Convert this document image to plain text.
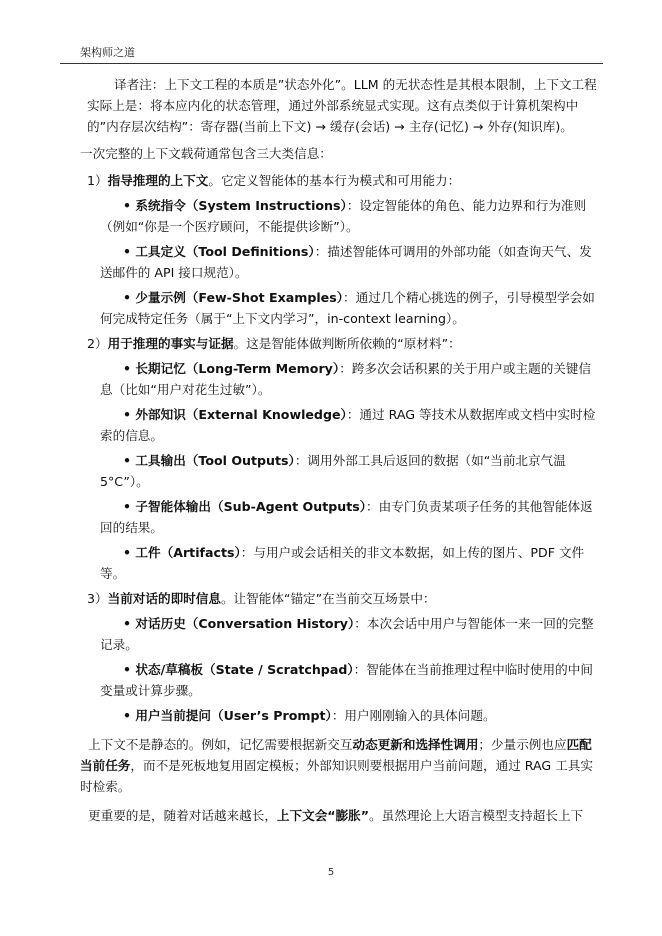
架构师之道

译者注：上下文工程的本质是”状态外化”。LLM 的无状态性是其根本限制，上下文工程实际上是：将本应内化的状态管理，通过外部系统显式实现。这有点类似于计算机架构中的”内存层次结构”：寄存器(当前上下文) → 缓存(会话) → 主存(记忆) → 外存(知识库)。

一次完整的上下文载荷通常包含三大类信息：

1）指导推理的上下文。它定义智能体的基本行为模式和可用能力：

• 系统指令（System Instructions）：设定智能体的角色、能力边界和行为准则（例如“你是一个医疗顾问，不能提供诊断”）。

• 工具定义（Tool Definitions）：描述智能体可调用的外部功能（如查询天气、发送邮件的 API 接口规范）。

• 少量示例（Few-Shot Examples）：通过几个精心挑选的例子，引导模型学会如何完成特定任务（属于“上下文内学习”，in-context learning）。

2）用于推理的事实与证据。这是智能体做判断所依赖的“原材料”：

• 长期记忆（Long-Term Memory）：跨多次会话积累的关于用户或主题的关键信息（比如“用户对花生过敏”）。

• 外部知识（External Knowledge）：通过 RAG 等技术从数据库或文档中实时检索的信息。

• 工具输出（Tool Outputs）：调用外部工具后返回的数据（如“当前北京气温 5°C”）。

• 子智能体输出（Sub-Agent Outputs）：由专门负责某项子任务的其他智能体返回的结果。

• 工件（Artifacts）：与用户或会话相关的非文本数据，如上传的图片、PDF 文件等。

3）当前对话的即时信息。让智能体“锚定”在当前交互场景中：

• 对话历史（Conversation History）：本次会话中用户与智能体一来一回的完整记录。

• 状态/草稿板（State / Scratchpad）：智能体在当前推理过程中临时使用的中间变量或计算步骤。

• 用户当前提问（User’s Prompt）：用户刚刚输入的具体问题。

上下文不是静态的。例如，记忆需要根据新交互动态更新和选择性调用；少量示例也应匹配当前任务，而不是死板地复用固定模板；外部知识则要根据用户当前问题，通过 RAG 工具实时检索。

更重要的是，随着对话越来越长，上下文会“膨胀”。虽然理论上大语言模型支持超长上下

5
